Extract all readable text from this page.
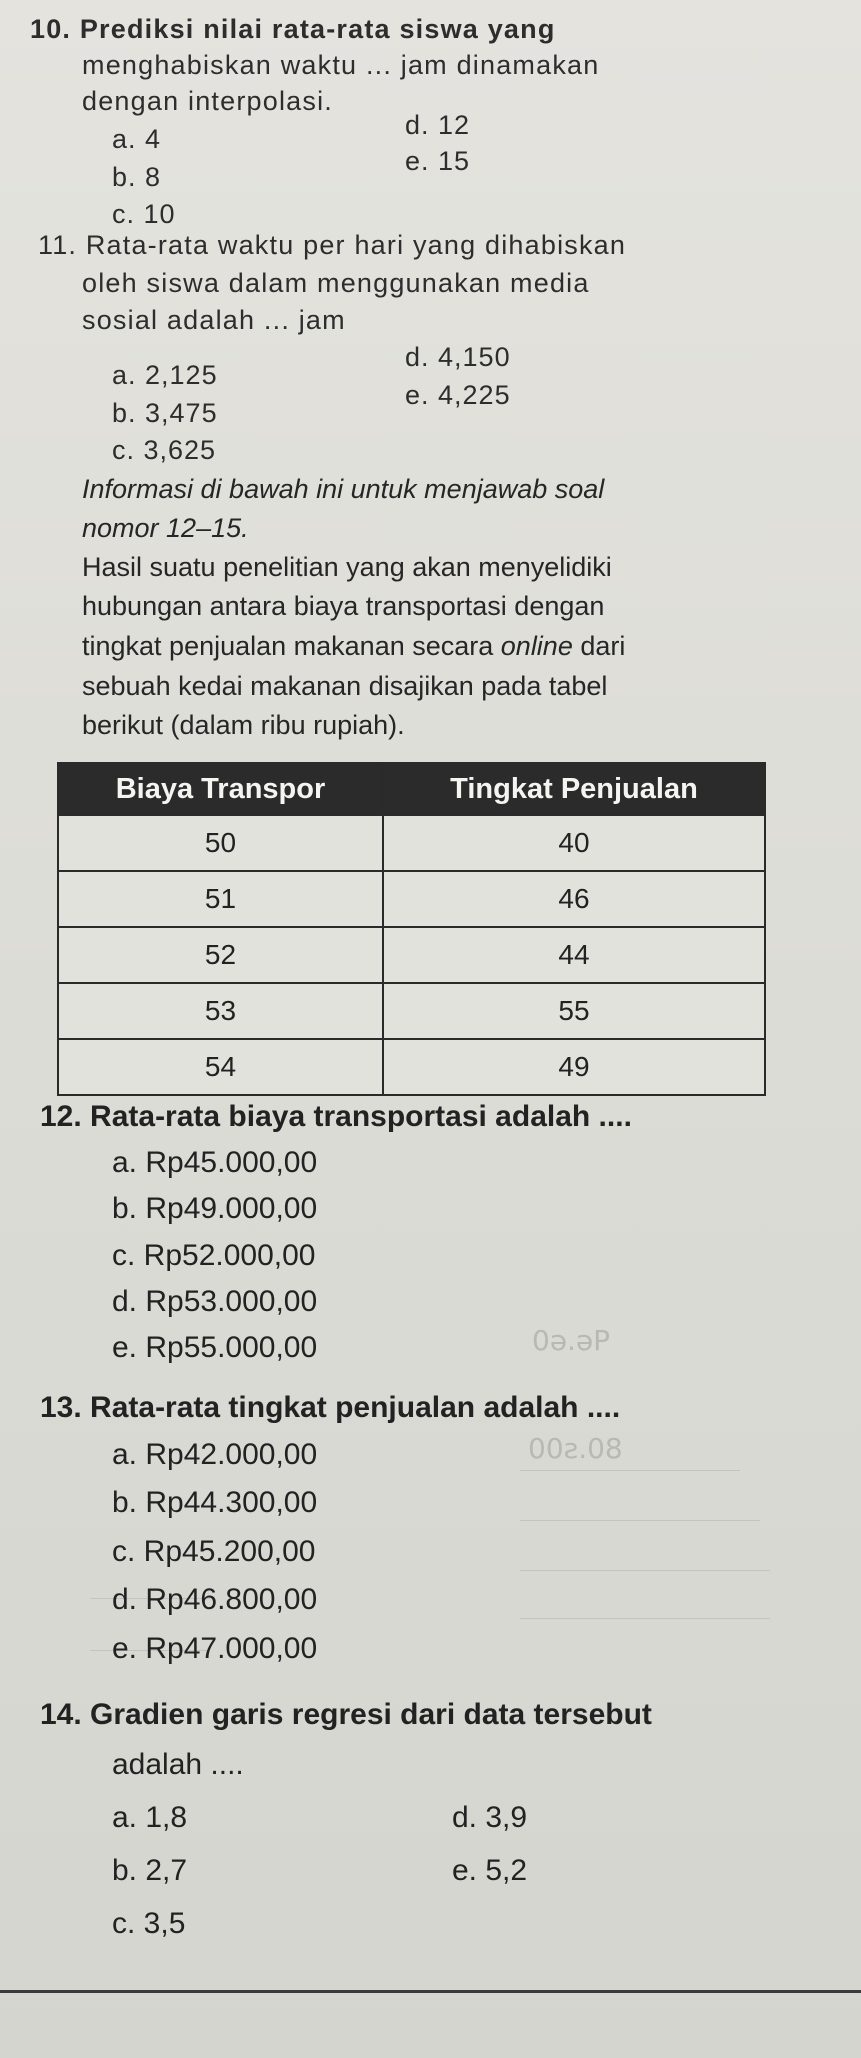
10. Prediksi nilai rata-rata siswa yang
menghabiskan waktu ... jam dinamakan
dengan interpolasi.
a. 4	d. 12
b. 8
e. 15
c. 10
11. Rata-rata waktu per hari yang dihabiskan
oleh siswa dalam menggunakan media
sosial adalah ... jam
a. 2,125
d. 4,150
b. 3,475
e. 4,225
c. 3,625
Informasi di bawah ini untuk menjawab soal
nomor 12–15.
Hasil suatu penelitian yang akan menyelidiki
hubungan antara biaya transportasi dengan
tingkat penjualan makanan secara online dari
sebuah kedai makanan disajikan pada tabel
berikut (dalam ribu rupiah).
Biaya Transpor	Tingkat Penjualan
50	40
51	46
52	44
53	55
54	49
12. Rata-rata biaya transportasi adalah ....
a. Rp45.000,00
b. Rp49.000,00
c. Rp52.000,00
d. Rp53.000,00
e. Rp55.000,00	0ə.əP
00ƨ.08
13. Rata-rata tingkat penjualan adalah ....
a. Rp42.000,00
b. Rp44.300,00
c. Rp45.200,00
d. Rp46.800,00
e. Rp47.000,00
14. Gradien garis regresi dari data tersebut
adalah ....
a. 1,8	d. 3,9
b. 2,7	e. 5,2
c. 3,5
